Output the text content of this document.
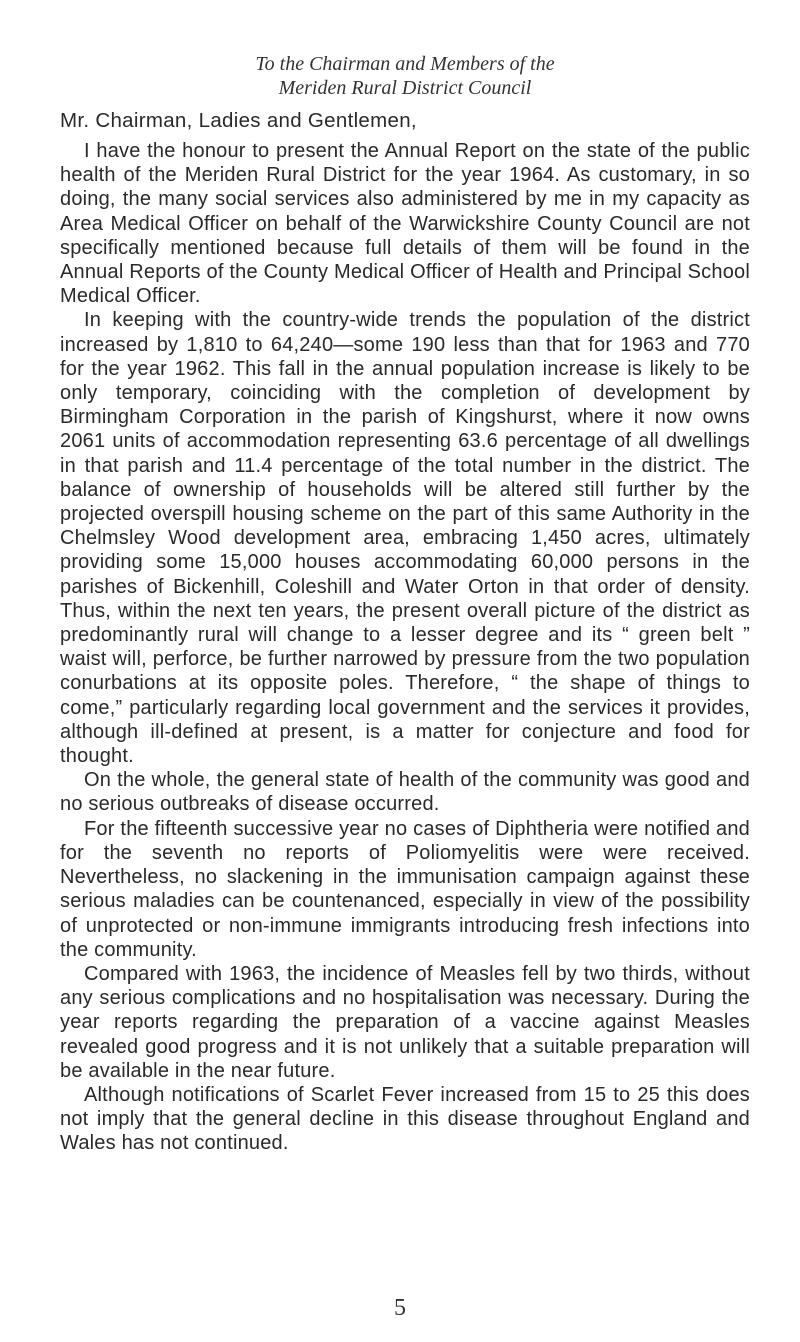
To the Chairman and Members of the
Meriden Rural District Council

Mr. Chairman, Ladies and Gentlemen,

I have the honour to present the Annual Report on the state of the public health of the Meriden Rural District for the year 1964. As customary, in so doing, the many social services also administered by me in my capacity as Area Medical Officer on behalf of the Warwickshire County Council are not specifically mentioned because full details of them will be found in the Annual Reports of the County Medical Officer of Health and Principal School Medical Officer.

In keeping with the country-wide trends the population of the district increased by 1,810 to 64,240—some 190 less than that for 1963 and 770 for the year 1962. This fall in the annual population increase is likely to be only temporary, coinciding with the completion of development by Birmingham Corporation in the parish of Kingshurst, where it now owns 2061 units of accommodation representing 63.6 percentage of all dwellings in that parish and 11.4 percentage of the total number in the district. The balance of ownership of households will be altered still further by the projected overspill housing scheme on the part of this same Authority in the Chelmsley Wood development area, embracing 1,450 acres, ultimately providing some 15,000 houses accommodating 60,000 persons in the parishes of Bickenhill, Coleshill and Water Orton in that order of density. Thus, within the next ten years, the present overall picture of the district as predominantly rural will change to a lesser degree and its “ green belt ” waist will, perforce, be further narrowed by pressure from the two population conurbations at its opposite poles. Therefore, “ the shape of things to come,” particularly regarding local government and the services it provides, although ill-defined at present, is a matter for conjecture and food for thought.

On the whole, the general state of health of the community was good and no serious outbreaks of disease occurred.

For the fifteenth successive year no cases of Diphtheria were notified and for the seventh no reports of Poliomyelitis were were received. Nevertheless, no slackening in the immunisation campaign against these serious maladies can be countenanced, especially in view of the possibility of unprotected or non-immune immigrants introducing fresh infections into the community.

Compared with 1963, the incidence of Measles fell by two thirds, without any serious complications and no hospitalisation was necessary. During the year reports regarding the preparation of a vaccine against Measles revealed good progress and it is not unlikely that a suitable preparation will be available in the near future.

Although notifications of Scarlet Fever increased from 15 to 25 this does not imply that the general decline in this disease throughout England and Wales has not continued.

5
